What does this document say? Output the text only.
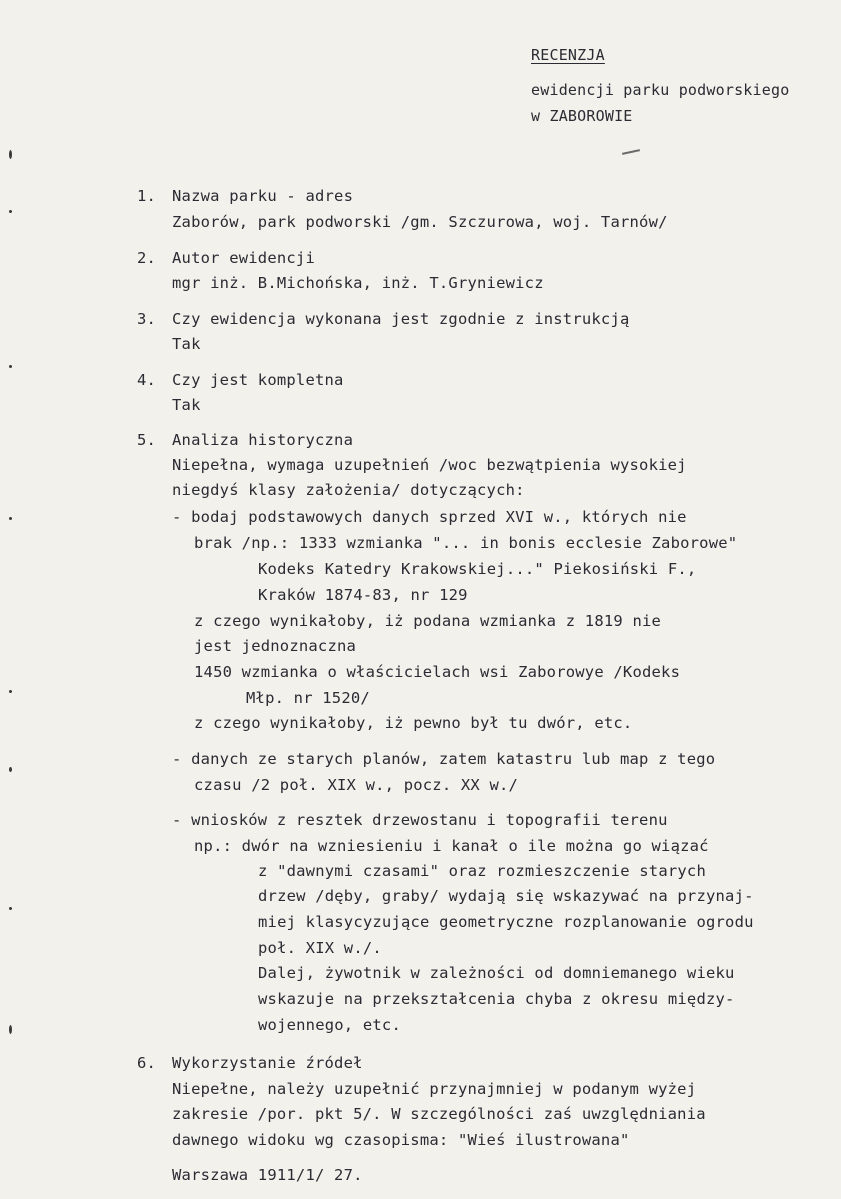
RECENZJA
ewidencji parku podworskiego
w ZABOROWIE
1. Nazwa parku - adres
Zaborów, park podworski /gm. Szczurowa, woj. Tarnów/
2. Autor ewidencji
mgr inż. B.Michońska, inż. T.Gryniewicz
3. Czy ewidencja wykonana jest zgodnie z instrukcją
Tak
4. Czy jest kompletna
Tak
5. Analiza historyczna
Niepełna, wymaga uzupełnień /woc bezwątpienia wysokiej
niegdyś klasy założenia/ dotyczących:
- bodaj podstawowych danych sprzed XVI w., których nie
brak /np.: 1333 wzmianka "... in bonis ecclesie Zaborowe"
Kodeks Katedry Krakowskiej..." Piekosiński F.,
Kraków 1874-83, nr 129
z czego wynikałoby, iż podana wzmianka z 1819 nie
jest jednoznaczna
1450 wzmianka o właścicielach wsi Zaborowye /Kodeks
Młp. nr 1520/
z czego wynikałoby, iż pewno był tu dwór, etc.
- danych ze starych planów, zatem katastru lub map z tego
czasu /2 poł. XIX w., pocz. XX w./
- wniosków z resztek drzewostanu i topografii terenu
np.: dwór na wzniesieniu i kanał o ile można go wiązać
z "dawnymi czasami" oraz rozmieszczenie starych
drzew /dęby, graby/ wydają się wskazywać na przynaj-
miej klasycyzujące geometryczne rozplanowanie ogrodu
poł. XIX w./.
Dalej, żywotnik w zależności od domniemanego wieku
wskazuje na przekształcenia chyba z okresu między-
wojennego, etc.
6. Wykorzystanie źródeł
Niepełne, należy uzupełnić przynajmniej w podanym wyżej
zakresie /por. pkt 5/. W szczególności zaś uwzględniania
dawnego widoku wg czasopisma: "Wieś ilustrowana"
Warszawa 1911/1/ 27.
